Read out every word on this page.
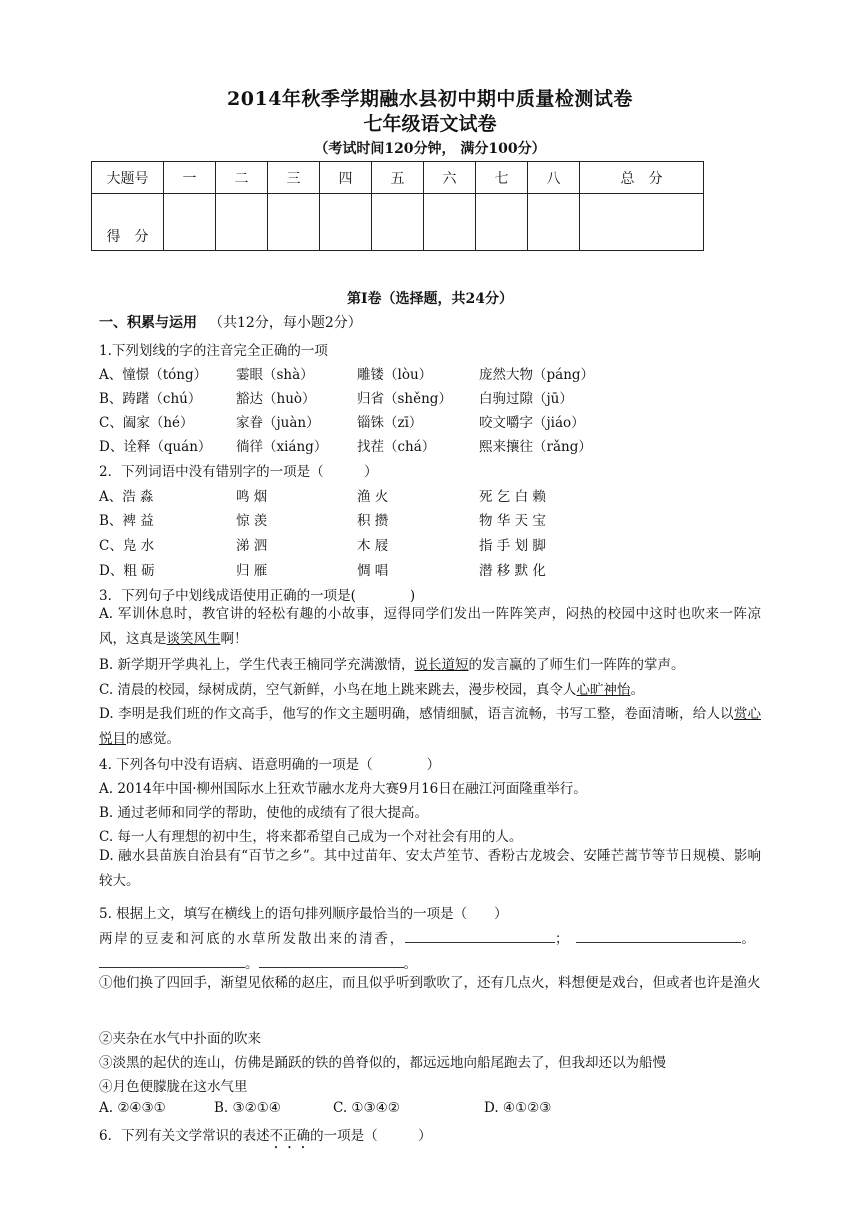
2014年秋季学期融水县初中期中质量检测试卷
七年级语文试卷
（考试时间120分钟， 满分100分）
大题号	一	二	三	四	五	六	七	八	总　分
得　分									
第Ⅰ卷（选择题，共24分）
一、积累与运用 （共12分，每小题2分）
1.下列划线的字的注音完全正确的一项
A、憧憬（tóng） 霎眼（shà）	雕镂（lòu）	庞然大物（páng）
B、踌躇（chú）	豁达（huò）	归省（shěng） 白驹过隙（jū）
C、阖家（hé）	家眷（juàn）	锱铢（zī）	咬文嚼字（jiáo）
D、诠释（quán） 徜徉（xiáng） 找茬（chá）	熙来攘往（rǎng）
2．下列词语中没有错别字的一项是（　　　）
A、浩 淼	鸣 烟	渔 火	死 乞 白 赖
B、裨 益	惊 羡	积 攒	物 华 天 宝
C、凫 水	涕 泗	木 屐	指 手 划 脚
D、粗 砺	归 雁	惆 唱	潜 移 默 化
3．下列句子中划线成语使用正确的一项是(　　　　)
A. 军训休息时，教官讲的轻松有趣的小故事，逗得同学们发出一阵阵笑声，闷热的校园中这时也吹来一阵凉风，这真是谈笑风生啊！
B. 新学期开学典礼上，学生代表王楠同学充满激情，说长道短的发言赢的了师生们一阵阵的掌声。
C. 清晨的校园，绿树成荫，空气新鲜，小鸟在地上跳来跳去，漫步校园，真令人心旷神怡。
D. 李明是我们班的作文高手，他写的作文主题明确，感情细腻，语言流畅，书写工整，卷面清晰，给人以赏心悦目的感觉。
4. 下列各句中没有语病、语意明确的一项是（　　　　）
A. 2014年中国·柳州国际水上狂欢节融水龙舟大赛9月16日在融江河面隆重举行。
B. 通过老师和同学的帮助，使他的成绩有了很大提高。
C. 每一人有理想的初中生，将来都希望自己成为一个对社会有用的人。
D. 融水县苗族自治县有“百节之乡”。其中过苗年、安太芦笙节、香粉古龙坡会、安陲芒蒿节等节日规模、影响较大。
5. 根据上文，填写在横线上的语句排列顺序最恰当的一项是（　　）
两岸的豆麦和河底的水草所发散出来的清香，	；	。
。	。
①他们换了四回手，渐望见依稀的赵庄，而且似乎听到歌吹了，还有几点火，料想便是戏台，但或者也许是渔火
②夹杂在水气中扑面的吹来
③淡黑的起伏的连山，仿佛是踊跃的铁的兽脊似的，都远远地向船尾跑去了，但我却还以为船慢
④月色便朦胧在这水气里
A. ②④③①	B. ③②①④	C. ①③④②	D. ④①②③
6．下列有关文学常识的表述不正确的一项是（　　　）
